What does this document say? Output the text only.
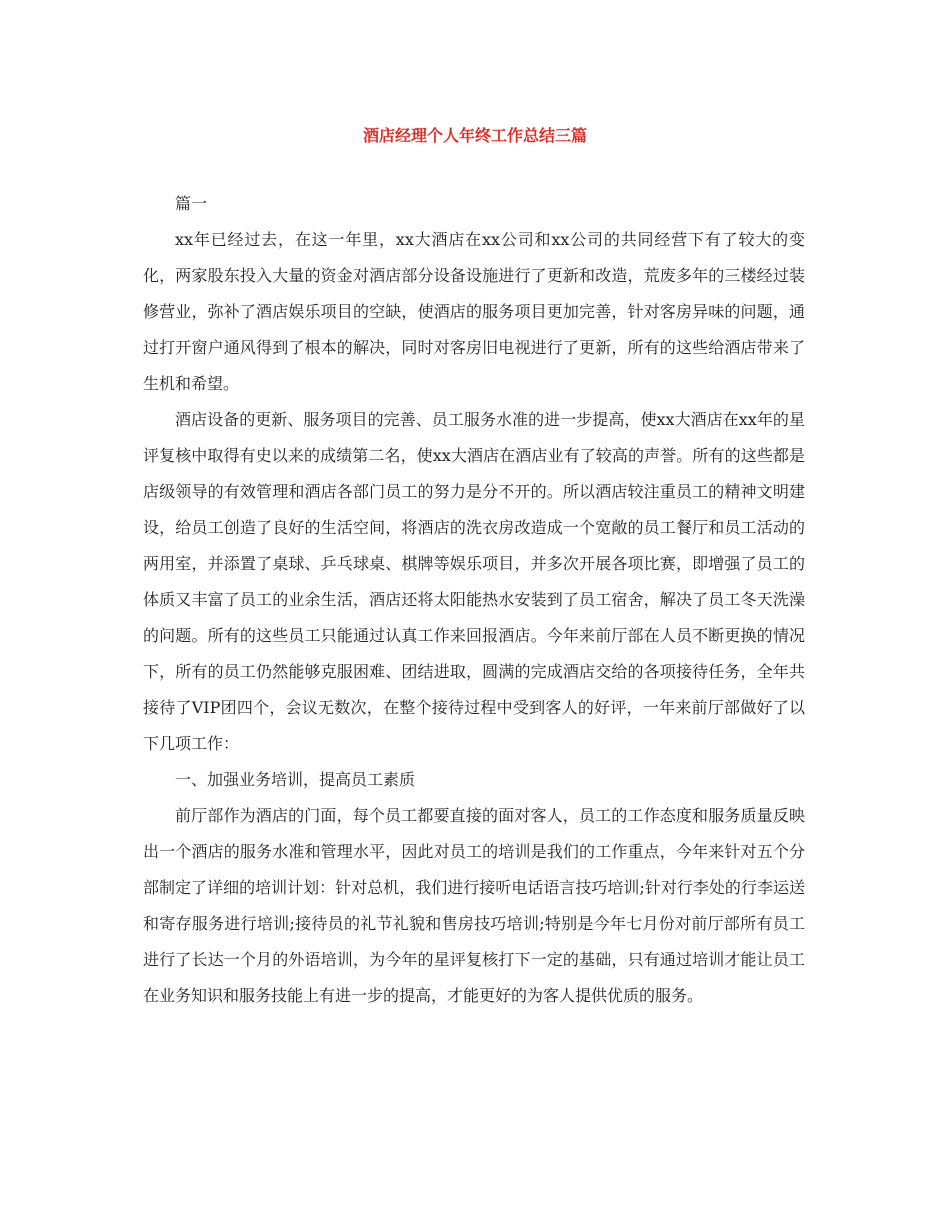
酒店经理个人年终工作总结三篇

篇一

xx年已经过去，在这一年里，xx大酒店在xx公司和xx公司的共同经营下有了较大的变化，两家股东投入大量的资金对酒店部分设备设施进行了更新和改造，荒废多年的三楼经过装修营业，弥补了酒店娱乐项目的空缺，使酒店的服务项目更加完善，针对客房异味的问题，通过打开窗户通风得到了根本的解决，同时对客房旧电视进行了更新，所有的这些给酒店带来了生机和希望。

酒店设备的更新、服务项目的完善、员工服务水准的进一步提高，使xx大酒店在xx年的星评复核中取得有史以来的成绩第二名，使xx大酒店在酒店业有了较高的声誉。所有的这些都是店级领导的有效管理和酒店各部门员工的努力是分不开的。所以酒店较注重员工的精神文明建设，给员工创造了良好的生活空间，将酒店的洗衣房改造成一个宽敞的员工餐厅和员工活动的两用室，并添置了桌球、乒乓球桌、棋牌等娱乐项目，并多次开展各项比赛，即增强了员工的体质又丰富了员工的业余生活，酒店还将太阳能热水安装到了员工宿舍，解决了员工冬天洗澡的问题。所有的这些员工只能通过认真工作来回报酒店。今年来前厅部在人员不断更换的情况下，所有的员工仍然能够克服困难、团结进取，圆满的完成酒店交给的各项接待任务，全年共接待了VIP团四个，会议无数次，在整个接待过程中受到客人的好评，一年来前厅部做好了以下几项工作：

一、加强业务培训，提高员工素质

前厅部作为酒店的门面，每个员工都要直接的面对客人，员工的工作态度和服务质量反映出一个酒店的服务水准和管理水平，因此对员工的培训是我们的工作重点，今年来针对五个分部制定了详细的培训计划：针对总机，我们进行接听电话语言技巧培训;针对行李处的行李运送和寄存服务进行培训;接待员的礼节礼貌和售房技巧培训;特别是今年七月份对前厅部所有员工进行了长达一个月的外语培训，为今年的星评复核打下一定的基础，只有通过培训才能让员工在业务知识和服务技能上有进一步的提高，才能更好的为客人提供优质的服务。
